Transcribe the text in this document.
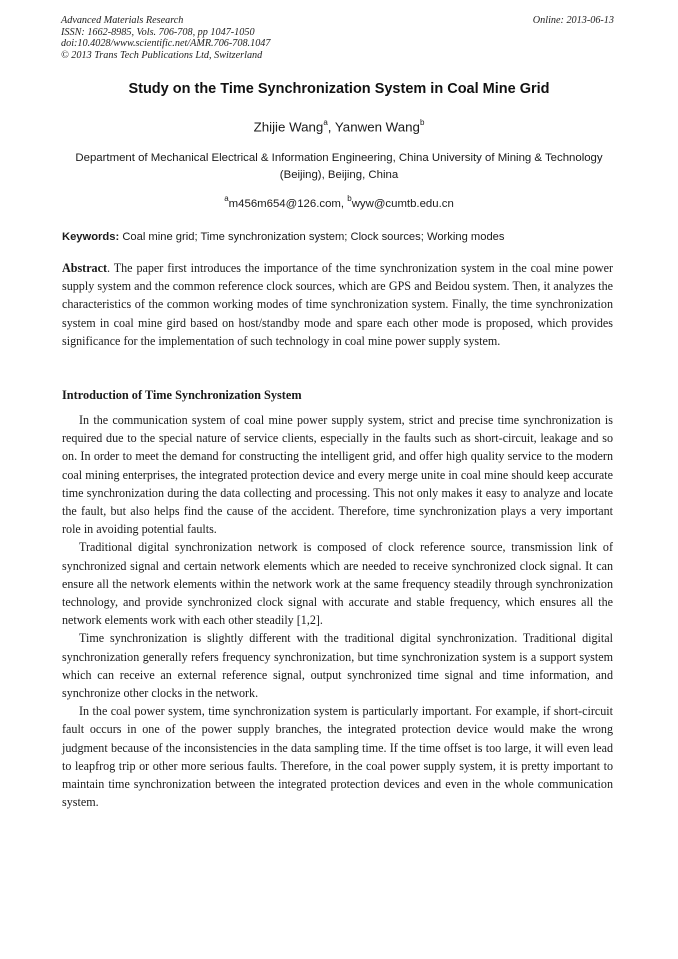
Advanced Materials Research
ISSN: 1662-8985, Vols. 706-708, pp 1047-1050
doi:10.4028/www.scientific.net/AMR.706-708.1047
© 2013 Trans Tech Publications Ltd, Switzerland
Online: 2013-06-13
Study on the Time Synchronization System in Coal Mine Grid
Zhijie Wang$^a$, Yanwen Wang$^b$
Department of Mechanical Electrical & Information Engineering, China University of Mining & Technology (Beijing), Beijing, China
$^a$m456m654@126.com, $^b$wyw@cumtb.edu.cn
Keywords: Coal mine grid; Time synchronization system; Clock sources; Working modes
Abstract. The paper first introduces the importance of the time synchronization system in the coal mine power supply system and the common reference clock sources, which are GPS and Beidou system. Then, it analyzes the characteristics of the common working modes of time synchronization system. Finally, the time synchronization system in coal mine gird based on host/standby mode and spare each other mode is proposed, which provides significance for the implementation of such technology in coal mine power supply system.
Introduction of Time Synchronization System

In the communication system of coal mine power supply system, strict and precise time synchronization is required due to the special nature of service clients, especially in the faults such as short-circuit, leakage and so on. In order to meet the demand for constructing the intelligent grid, and offer high quality service to the modern coal mining enterprises, the integrated protection device and every merge unite in coal mine should keep accurate time synchronization during the data collecting and processing. This not only makes it easy to analyze and locate the fault, but also helps find the cause of the accident. Therefore, time synchronization plays a very important role in avoiding potential faults.

Traditional digital synchronization network is composed of clock reference source, transmission link of synchronized signal and certain network elements which are needed to receive synchronized clock signal. It can ensure all the network elements within the network work at the same frequency steadily through synchronization technology, and provide synchronized clock signal with accurate and stable frequency, which ensures all the network elements work with each other steadily [1,2].

Time synchronization is slightly different with the traditional digital synchronization. Traditional digital synchronization generally refers frequency synchronization, but time synchronization system is a support system which can receive an external reference signal, output synchronized time signal and time information, and synchronize other clocks in the network.

In the coal power system, time synchronization system is particularly important. For example, if short-circuit fault occurs in one of the power supply branches, the integrated protection device would make the wrong judgment because of the inconsistencies in the data sampling time. If the time offset is too large, it will even lead to leapfrog trip or other more serious faults. Therefore, in the coal power supply system, it is pretty important to maintain time synchronization between the integrated protection devices and even in the whole communication system.
